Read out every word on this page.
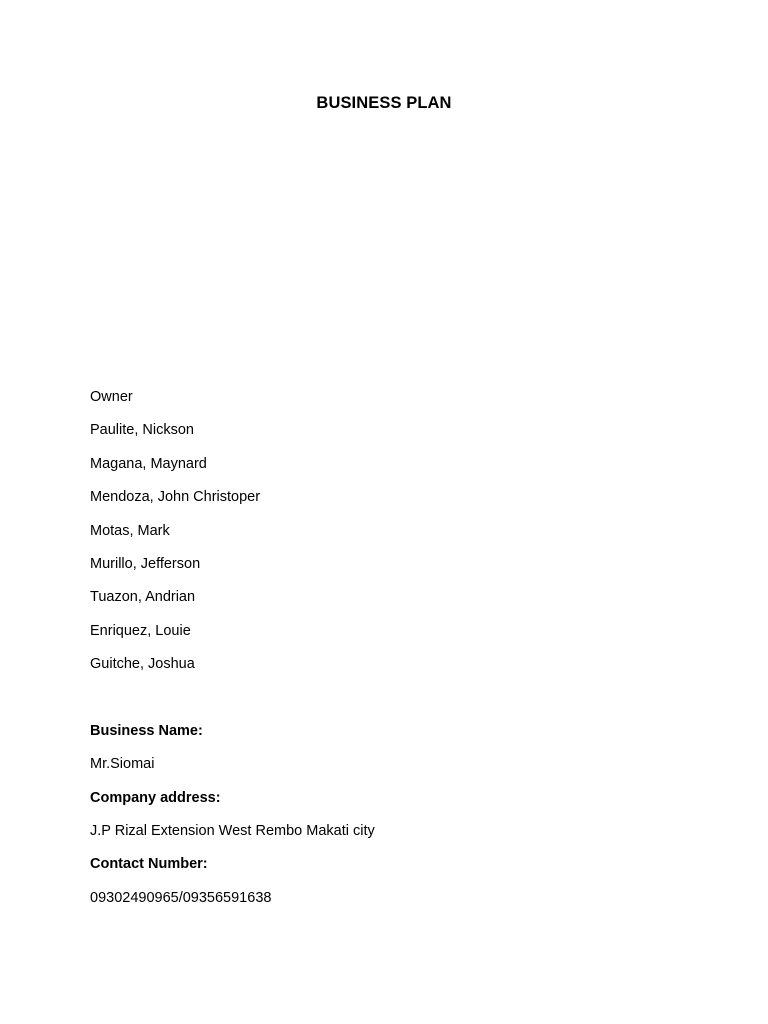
BUSINESS PLAN
Owner
Paulite, Nickson
Magana, Maynard
Mendoza, John Christoper
Motas, Mark
Murillo, Jefferson
Tuazon, Andrian
Enriquez, Louie
Guitche, Joshua
Business Name:
Mr.Siomai
Company address:
J.P Rizal Extension West Rembo Makati city
Contact Number:
09302490965/09356591638
